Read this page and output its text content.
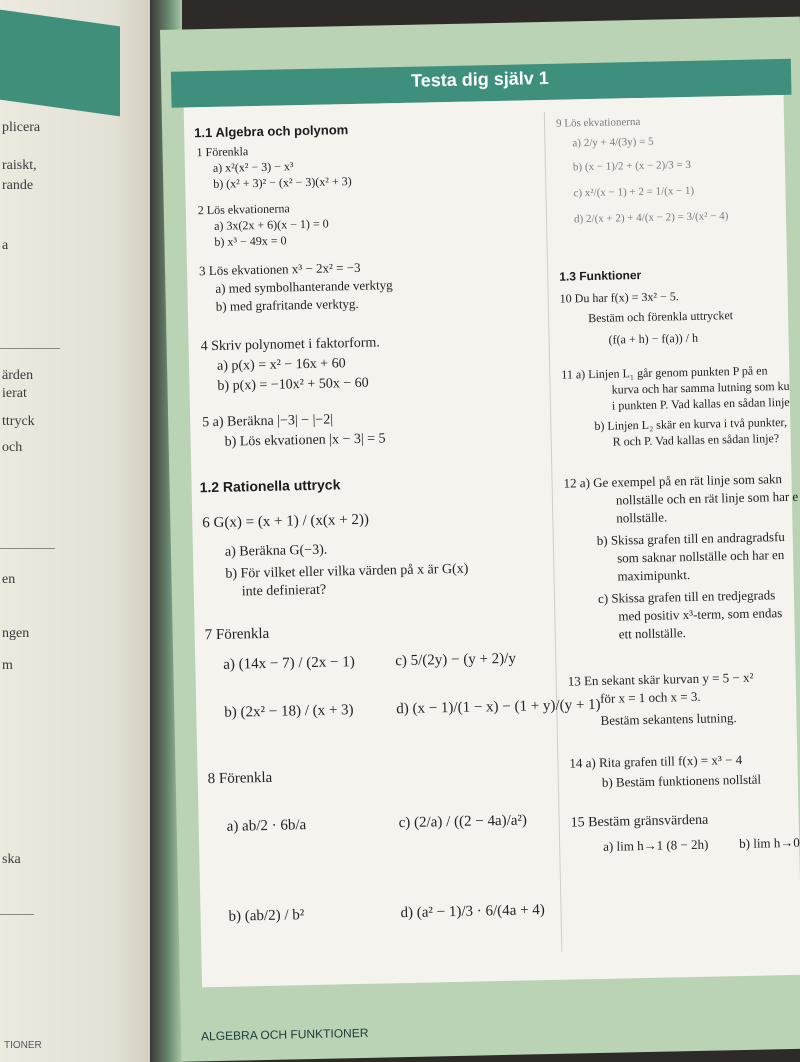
plicera
raiskt,
rande
a
ärden
ierat
ttryck
och
en
ngen
m
ska
TIONER
Testa dig själv 1
1.1 Algebra och polynom
1 Förenkla
a) x²(x² − 3) − x³
b) (x² + 3)² − (x² − 3)(x² + 3)
2 Lös ekvationerna
a) 3x(2x + 6)(x − 1) = 0
b) x³ − 49x = 0
3 Lös ekvationen x³ − 2x² = −3
a) med symbolhanterande verktyg
b) med grafritande verktyg.
4 Skriv polynomet i faktorform.
a) p(x) = x² − 16x + 60
b) p(x) = −10x² + 50x − 60
5 a) Beräkna |−3| − |−2|
b) Lös ekvationen |x − 3| = 5
1.2 Rationella uttryck
6 G(x) = (x + 1) / (x(x + 2))
a) Beräkna G(−3).
b) För vilket eller vilka värden på x är G(x)
inte definierat?
7 Förenkla
a) (14x − 7) / (2x − 1)
b) (2x² − 18) / (x + 3)
c) 5/(2y) − (y + 2)/y
d) (x − 1)/(1 − x) − (1 + y)/(y + 1)
8 Förenkla
a) ab/2 · 6b/a
b) (ab/2) / b²
c) (2/a) / ((2 − 4a)/a²)
d) (a² − 1)/3 · 6/(4a + 4)
9 Lös ekvationerna
a) 2/y + 4/(3y) = 5
b) (x − 1)/2 + (x − 2)/3 = 3
c) x²/(x − 1) + 2 = 1/(x − 1)
d) 2/(x + 2) + 4/(x − 2) = 3/(x² − 4)
1.3 Funktioner
10 Du har f(x) = 3x² − 5.
Bestäm och förenkla uttrycket
(f(a + h) − f(a)) / h
11 a) Linjen L₁ går genom punkten P på en
kurva och har samma lutning som ku
i punkten P. Vad kallas en sådan linje
b) Linjen L₂ skär en kurva i två punkter,
R och P. Vad kallas en sådan linje?
12 a) Ge exempel på en rät linje som sakn
nollställe och en rät linje som har e
nollställe.
b) Skissa grafen till en andragradsfu
som saknar nollställe och har en
maximipunkt.
c) Skissa grafen till en tredjegrads
med positiv x³-term, som endas
ett nollställe.
13 En sekant skär kurvan y = 5 − x²
för x = 1 och x = 3.
Bestäm sekantens lutning.
14 a) Rita grafen till f(x) = x³ − 4
b) Bestäm funktionens nollstäl
15 Bestäm gränsvärdena
a) lim h→1 (8 − 2h) b) lim h→0
ALGEBRA OCH FUNKTIONER
